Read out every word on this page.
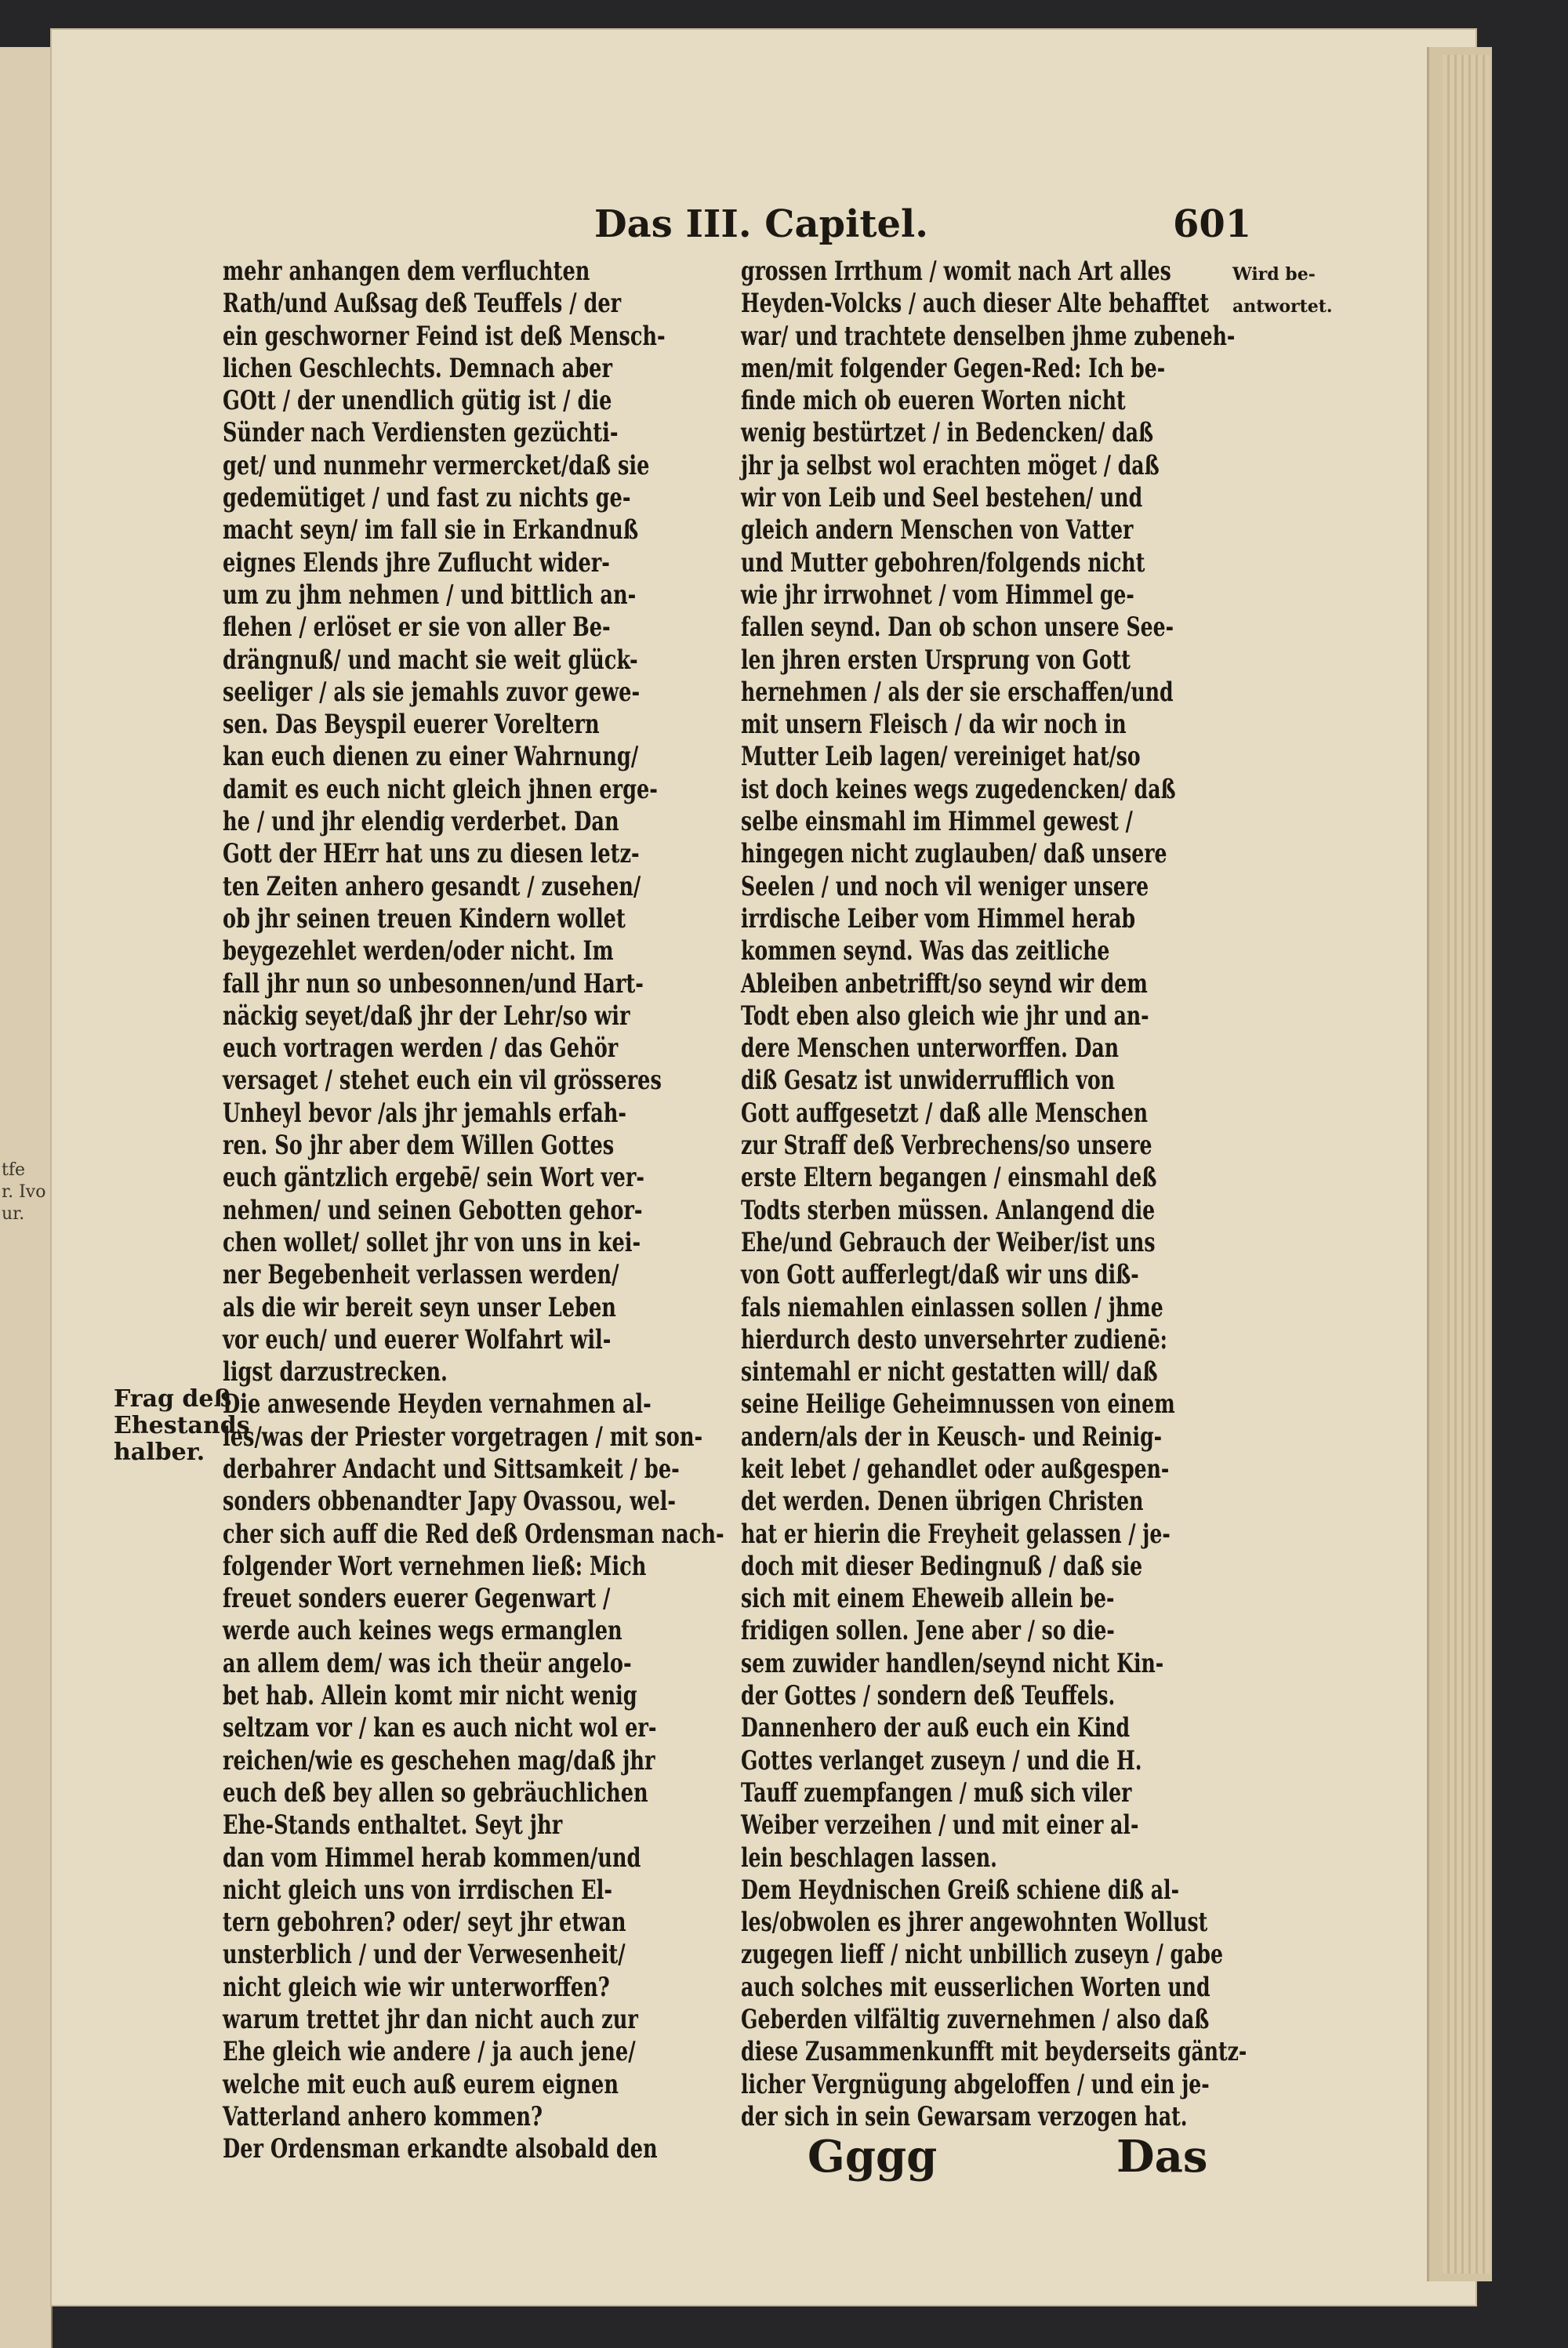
tfe
r. Ivo
ur.
Das III. Capitel.	601
Frag deß
Ehestands
halber.
Wird be-
antwortet.
mehr anhangen dem verfluchten
Rath/und Außsag deß Teuffels / der
ein geschworner Feind ist deß Mensch-
lichen Geschlechts. Demnach aber
GOtt / der unendlich gütig ist / die
Sünder nach Verdiensten gezüchti-
get/ und nunmehr vermercket/daß sie
gedemütiget / und fast zu nichts ge-
macht seyn/ im fall sie in Erkandnuß
eignes Elends jhre Zuflucht wider-
um zu jhm nehmen / und bittlich an-
flehen / erlöset er sie von aller Be-
drängnuß/ und macht sie weit glück-
seeliger / als sie jemahls zuvor gewe-
sen. Das Beyspil euerer Voreltern
kan euch dienen zu einer Wahrnung/
damit es euch nicht gleich jhnen erge-
he / und jhr elendig verderbet. Dan
Gott der HErr hat uns zu diesen letz-
ten Zeiten anhero gesandt / zusehen/
ob jhr seinen treuen Kindern wollet
beygezehlet werden/oder nicht. Im
fall jhr nun so unbesonnen/und Hart-
näckig seyet/daß jhr der Lehr/so wir
euch vortragen werden / das Gehör
versaget / stehet euch ein vil grösseres
Unheyl bevor /als jhr jemahls erfah-
ren. So jhr aber dem Willen Gottes
euch gäntzlich ergebē/ sein Wort ver-
nehmen/ und seinen Gebotten gehor-
chen wollet/ sollet jhr von uns in kei-
ner Begebenheit verlassen werden/
als die wir bereit seyn unser Leben
vor euch/ und euerer Wolfahrt wil-
ligst darzustrecken.
Die anwesende Heyden vernahmen al-
les/was der Priester vorgetragen / mit son-
derbahrer Andacht und Sittsamkeit / be-
sonders obbenandter Japy Ovassou, wel-
cher sich auff die Red deß Ordensman nach-
folgender Wort vernehmen ließ: Mich
freuet sonders euerer Gegenwart /
werde auch keines wegs ermanglen
an allem dem/ was ich theür angelo-
bet hab. Allein komt mir nicht wenig
seltzam vor / kan es auch nicht wol er-
reichen/wie es geschehen mag/daß jhr
euch deß bey allen so gebräuchlichen
Ehe-Stands enthaltet. Seyt jhr
dan vom Himmel herab kommen/und
nicht gleich uns von irrdischen El-
tern gebohren? oder/ seyt jhr etwan
unsterblich / und der Verwesenheit/
nicht gleich wie wir unterworffen?
warum trettet jhr dan nicht auch zur
Ehe gleich wie andere / ja auch jene/
welche mit euch auß eurem eignen
Vatterland anhero kommen?
Der Ordensman erkandte alsobald den
grossen Irrthum / womit nach Art alles
Heyden-Volcks / auch dieser Alte behafftet
war/ und trachtete denselben jhme zubeneh-
men/mit folgender Gegen-Red: Ich be-
finde mich ob eueren Worten nicht
wenig bestürtzet / in Bedencken/ daß
jhr ja selbst wol erachten möget / daß
wir von Leib und Seel bestehen/ und
gleich andern Menschen von Vatter
und Mutter gebohren/folgends nicht
wie jhr irrwohnet / vom Himmel ge-
fallen seynd. Dan ob schon unsere See-
len jhren ersten Ursprung von Gott
hernehmen / als der sie erschaffen/und
mit unsern Fleisch / da wir noch in
Mutter Leib lagen/ vereiniget hat/so
ist doch keines wegs zugedencken/ daß
selbe einsmahl im Himmel gewest /
hingegen nicht zuglauben/ daß unsere
Seelen / und noch vil weniger unsere
irrdische Leiber vom Himmel herab
kommen seynd. Was das zeitliche
Ableiben anbetrifft/so seynd wir dem
Todt eben also gleich wie jhr und an-
dere Menschen unterworffen. Dan
diß Gesatz ist unwiderrufflich von
Gott auffgesetzt / daß alle Menschen
zur Straff deß Verbrechens/so unsere
erste Eltern begangen / einsmahl deß
Todts sterben müssen. Anlangend die
Ehe/und Gebrauch der Weiber/ist uns
von Gott aufferlegt/daß wir uns diß-
fals niemahlen einlassen sollen / jhme
hierdurch desto unversehrter zudienē:
sintemahl er nicht gestatten will/ daß
seine Heilige Geheimnussen von einem
andern/als der in Keusch- und Reinig-
keit lebet / gehandlet oder außgespen-
det werden. Denen übrigen Christen
hat er hierin die Freyheit gelassen / je-
doch mit dieser Bedingnuß / daß sie
sich mit einem Eheweib allein be-
fridigen sollen. Jene aber / so die-
sem zuwider handlen/seynd nicht Kin-
der Gottes / sondern deß Teuffels.
Dannenhero der auß euch ein Kind
Gottes verlanget zuseyn / und die H.
Tauff zuempfangen / muß sich viler
Weiber verzeihen / und mit einer al-
lein beschlagen lassen.
Dem Heydnischen Greiß schiene diß al-
les/obwolen es jhrer angewohnten Wollust
zugegen lieff / nicht unbillich zuseyn / gabe
auch solches mit eusserlichen Worten und
Geberden vilfältig zuvernehmen / also daß
diese Zusammenkunfft mit beyderseits gäntz-
licher Vergnügung abgeloffen / und ein je-
der sich in sein Gewarsam verzogen hat.
Gggg	Das
